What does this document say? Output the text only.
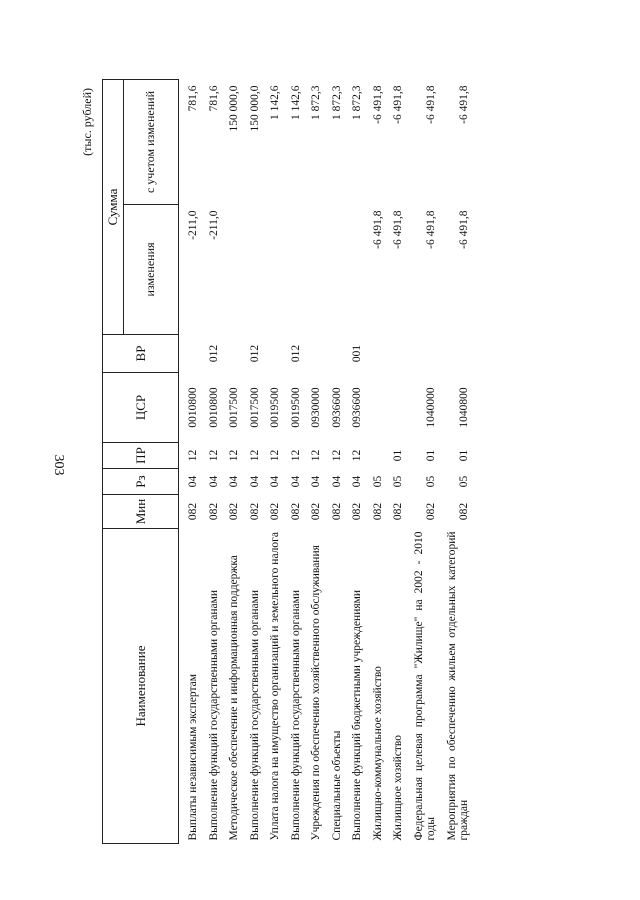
303
(тыс. рублей)
Наименование	Мин	Рз	ПР	ЦСР	ВР	Сумма	
						изменения	с учетом изменений
Выплаты независимым экспертам	082	04	12	0010800		-211,0	781,6
Выполнение функций государственными органами	082	04	12	0010800	012	-211,0	781,6
Методическое обеспечение и информационная поддержка	082	04	12	0017500			150 000,0
Выполнение функций государственными органами	082	04	12	0017500	012		150 000,0
Уплата налога на имущество организаций и земельного налога	082	04	12	0019500			1 142,6
Выполнение функций государственными органами	082	04	12	0019500	012		1 142,6
Учреждения по обеспечению хозяйственного обслуживания	082	04	12	0930000			1 872,3
Специальные объекты	082	04	12	0936600			1 872,3
Выполнение функций бюджетными учреждениями	082	04	12	0936600	001		1 872,3
Жилищно-коммунальное хозяйство	082	05				-6 491,8	-6 491,8
Жилищное хозяйство	082	05	01			-6 491,8	-6 491,8
Федеральная целевая программа "Жилище" на 2002 - 2010 годы	082	05	01	1040000		-6 491,8	-6 491,8
Мероприятия по обеспечению жильем отдельных категорий граждан	082	05	01	1040800		-6 491,8	-6 491,8
